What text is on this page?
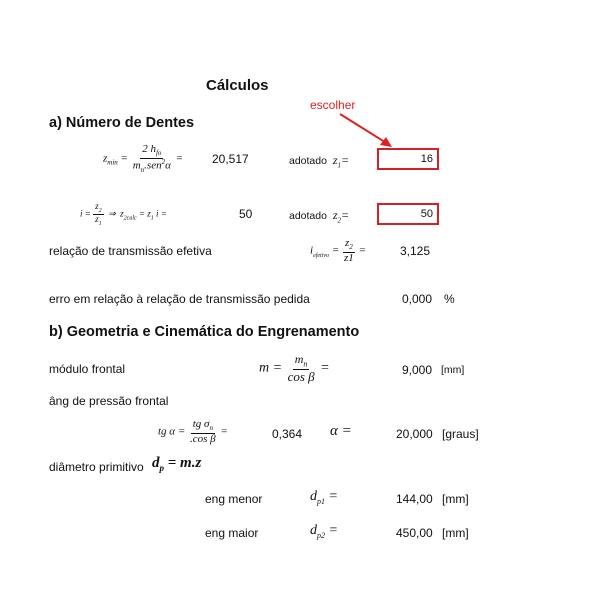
Cálculos
a) Número de Dentes
escolher
$z_{min} = \frac{2 h_{fo}}{m_n.sen^2\alpha} = 20,517$	adotado $z_1=$	16
$i = \frac{z_2}{z_1}$ ⇒ $z_{2calc} = z_1$ i =	50	adotado $z_2=$	50
relação de transmissão efetiva	$i_{efetivo} = \frac{z_2}{z1}$ =	3,125
erro em relação à relação de transmissão pedida	0,000 %
b) Geometria e Cinemática do Engrenamento
módulo frontal	$m = \frac{m_n}{\text{cos β}}$ =	9,000 [mm]
âng de pressão frontal
tg $\alpha = \frac{tg \sigma_n}{\text{.cos β}}$ =	0,364 α =	20,000 [graus]
diâmetro primitivo $d_p = m.z$
eng menor	$d_{p1}$ =	144,00 [mm]
eng maior	$d_{p2}$ =	450,00 [mm]
